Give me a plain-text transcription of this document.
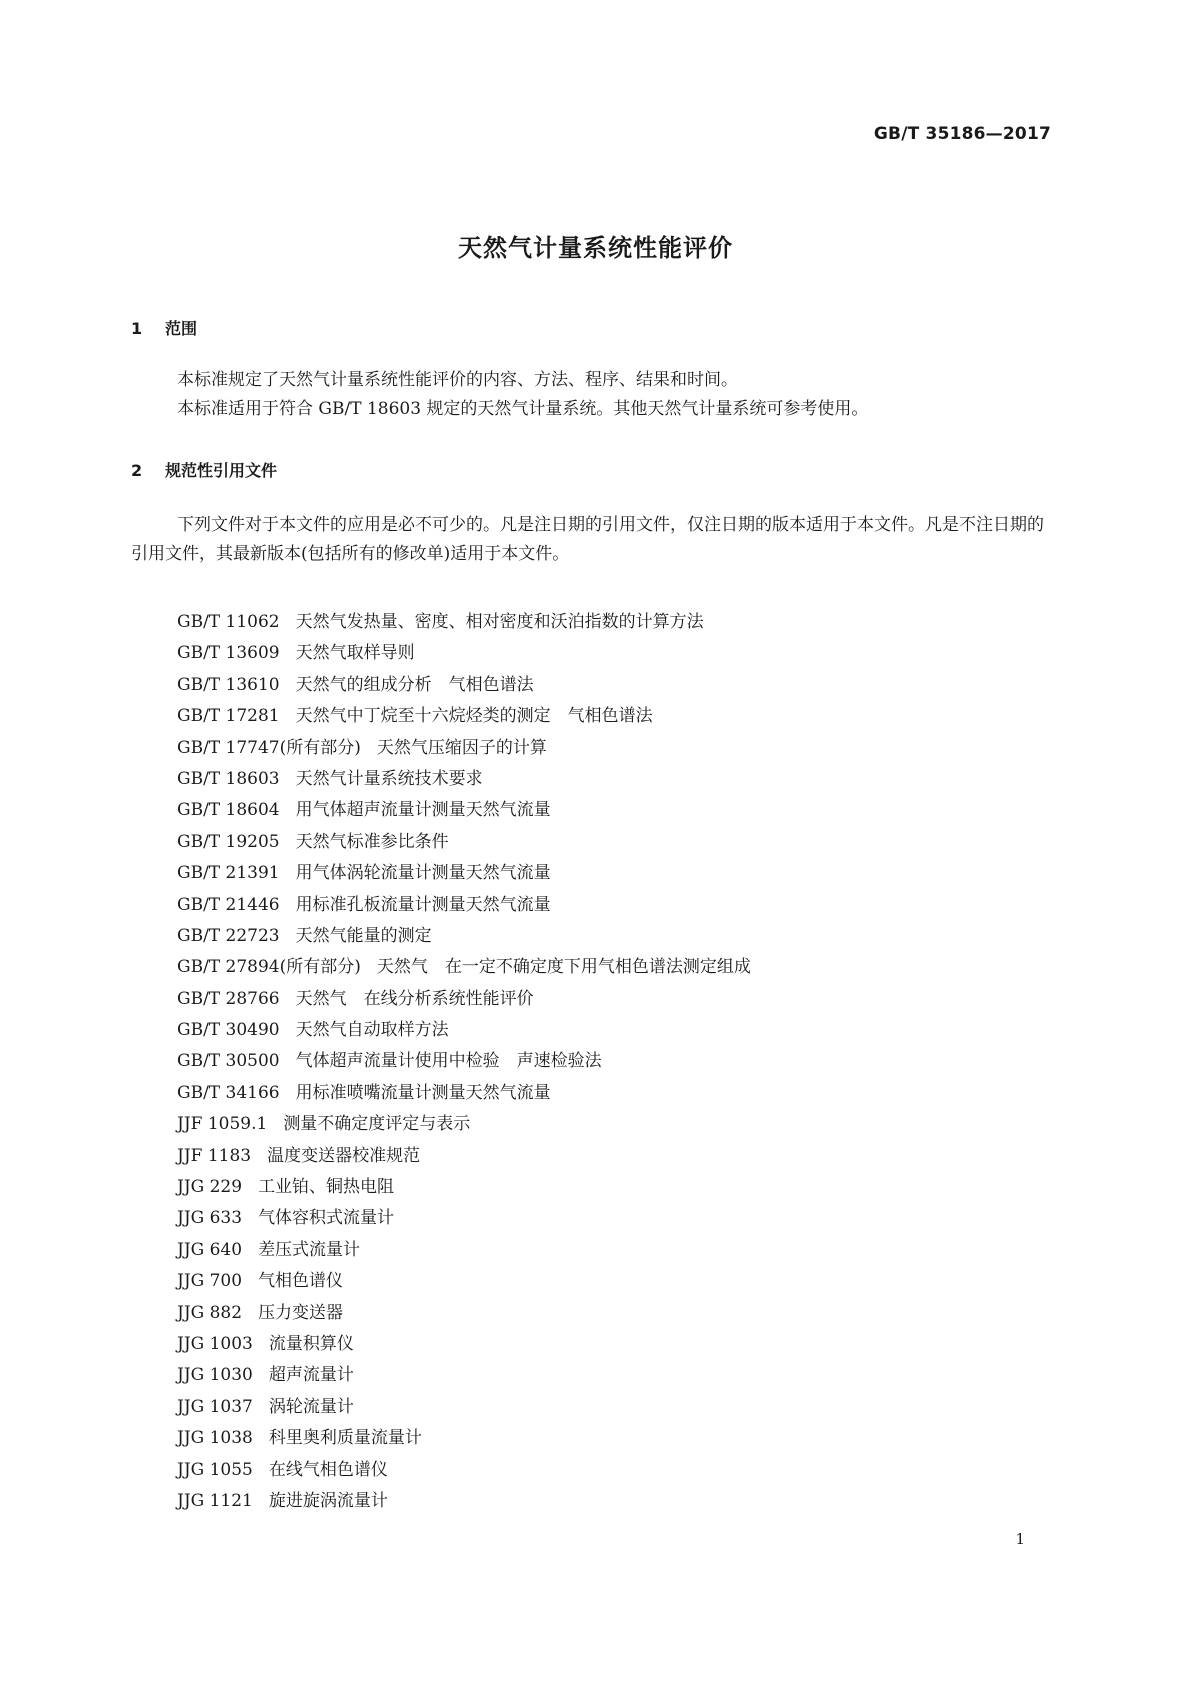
GB/T 35186—2017
天然气计量系统性能评价
1 范围

本标准规定了天然气计量系统性能评价的内容、方法、程序、结果和时间。

本标准适用于符合 GB/T 18603 规定的天然气计量系统。其他天然气计量系统可参考使用。

2 规范性引用文件

下列文件对于本文件的应用是必不可少的。凡是注日期的引用文件，仅注日期的版本适用于本文件。凡是不注日期的引用文件，其最新版本(包括所有的修改单)适用于本文件。

GB/T 11062 天然气发热量、密度、相对密度和沃泊指数的计算方法
GB/T 13609 天然气取样导则
GB/T 13610 天然气的组成分析　气相色谱法
GB/T 17281 天然气中丁烷至十六烷烃类的测定　气相色谱法
GB/T 17747(所有部分) 天然气压缩因子的计算
GB/T 18603 天然气计量系统技术要求
GB/T 18604 用气体超声流量计测量天然气流量
GB/T 19205 天然气标准参比条件
GB/T 21391 用气体涡轮流量计测量天然气流量
GB/T 21446 用标准孔板流量计测量天然气流量
GB/T 22723 天然气能量的测定
GB/T 27894(所有部分) 天然气　在一定不确定度下用气相色谱法测定组成
GB/T 28766 天然气　在线分析系统性能评价
GB/T 30490 天然气自动取样方法
GB/T 30500 气体超声流量计使用中检验　声速检验法
GB/T 34166 用标准喷嘴流量计测量天然气流量
JJF 1059.1 测量不确定度评定与表示
JJF 1183 温度变送器校准规范
JJG 229 工业铂、铜热电阻
JJG 633 气体容积式流量计
JJG 640 差压式流量计
JJG 700 气相色谱仪
JJG 882 压力变送器
JJG 1003 流量积算仪
JJG 1030 超声流量计
JJG 1037 涡轮流量计
JJG 1038 科里奥利质量流量计
JJG 1055 在线气相色谱仪
JJG 1121 旋进旋涡流量计
1
